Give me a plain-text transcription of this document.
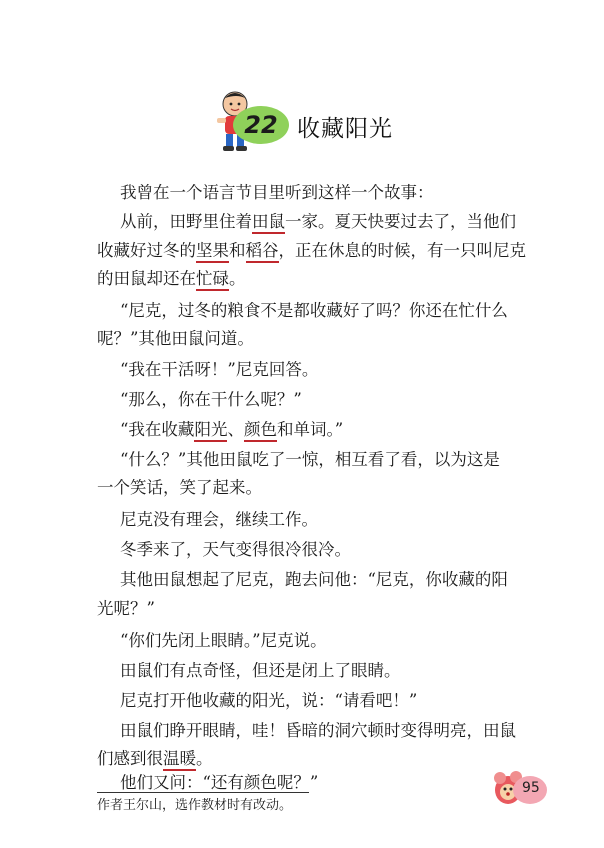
22 收藏阳光
我曾在一个语言节目里听到这样一个故事：
从前，田野里住着田鼠一家。夏天快要过去了，当他们
收藏好过冬的坚果和稻谷，正在休息的时候，有一只叫尼克
的田鼠却还在忙碌。
“尼克，过冬的粮食不是都收藏好了吗？你还在忙什么
呢？”其他田鼠问道。
“我在干活呀！”尼克回答。
“那么，你在干什么呢？”
“我在收藏阳光、颜色和单词。”
“什么？”其他田鼠吃了一惊，相互看了看，以为这是
一个笑话，笑了起来。
尼克没有理会，继续工作。
冬季来了，天气变得很冷很冷。
其他田鼠想起了尼克，跑去问他：“尼克，你收藏的阳
光呢？”
“你们先闭上眼睛。”尼克说。
田鼠们有点奇怪，但还是闭上了眼睛。
尼克打开他收藏的阳光，说：“请看吧！”
田鼠们睁开眼睛，哇！昏暗的洞穴顿时变得明亮，田鼠
们感到很温暖。
他们又问：“还有颜色呢？”
作者王尔山，选作教材时有改动。
95
